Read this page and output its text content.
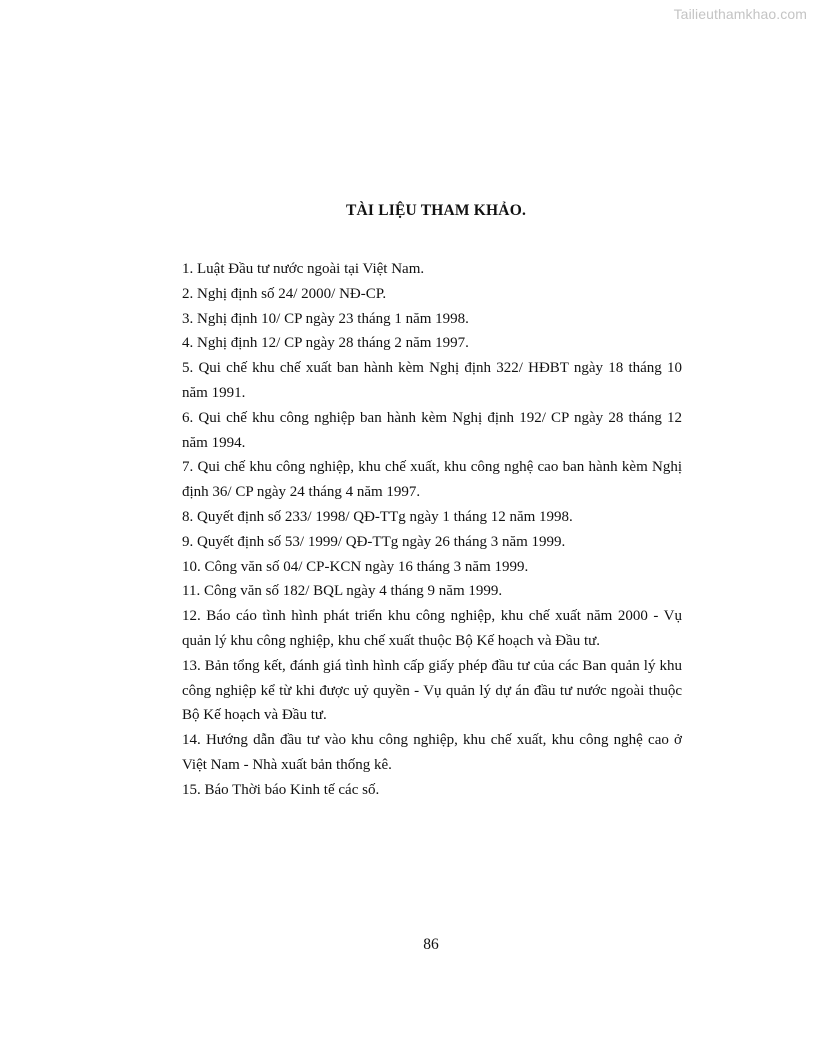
Tailieuthamkhao.com
TÀI LIỆU THAM KHẢO.
1. Luật Đầu tư nước ngoài tại Việt Nam.
2. Nghị định số 24/ 2000/ NĐ-CP.
3. Nghị định 10/ CP ngày 23 tháng 1 năm 1998.
4. Nghị định 12/ CP ngày 28 tháng 2 năm 1997.
5. Qui chế khu chế xuất ban hành kèm Nghị định 322/ HĐBT ngày 18 tháng 10 năm 1991.
6. Qui chế khu công nghiệp ban hành kèm Nghị định 192/ CP ngày 28 tháng 12 năm 1994.
7. Qui chế khu công nghiệp, khu chế xuất, khu công nghệ cao ban hành kèm Nghị định 36/ CP ngày 24 tháng 4 năm 1997.
8. Quyết định số 233/ 1998/ QĐ-TTg ngày 1 tháng 12 năm 1998.
9. Quyết định số 53/ 1999/ QĐ-TTg ngày 26 tháng 3 năm 1999.
10. Công văn số 04/ CP-KCN ngày 16 tháng 3 năm 1999.
11. Công văn số 182/ BQL ngày 4 tháng 9 năm 1999.
12. Báo cáo tình hình phát triển khu công nghiệp, khu chế xuất năm 2000 - Vụ quản lý khu công nghiệp, khu chế xuất thuộc Bộ Kế hoạch và Đầu tư.
13. Bản tổng kết, đánh giá tình hình cấp giấy phép đầu tư của các Ban quản lý khu công nghiệp kể từ khi được uỷ quyền - Vụ quản lý dự án đầu tư nước ngoài thuộc Bộ Kế hoạch và Đầu tư.
14. Hướng dẫn đầu tư vào khu công nghiệp, khu chế xuất, khu công nghệ cao ở Việt Nam - Nhà xuất bản thống kê.
15. Báo Thời báo Kinh tế các số.
86
